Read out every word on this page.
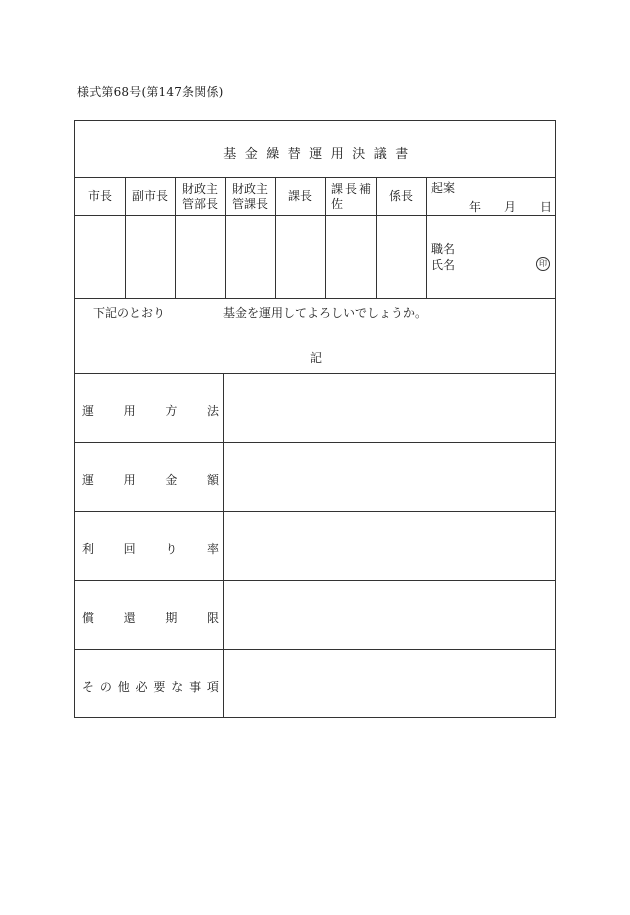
様式第68号(第147条関係)
基金繰替運用決議書
市長 副市長
財政主
管部長
財政主
管課長
課長
課長補
佐
係長
起案
年 月 日
職名
氏名	印
下記のとおり	基金を運用してよろしいでしょうか。
記
運 用 方 法
運 用 金 額
利 回 り 率
償 還 期 限
そ の 他 必 要 な 事 項
